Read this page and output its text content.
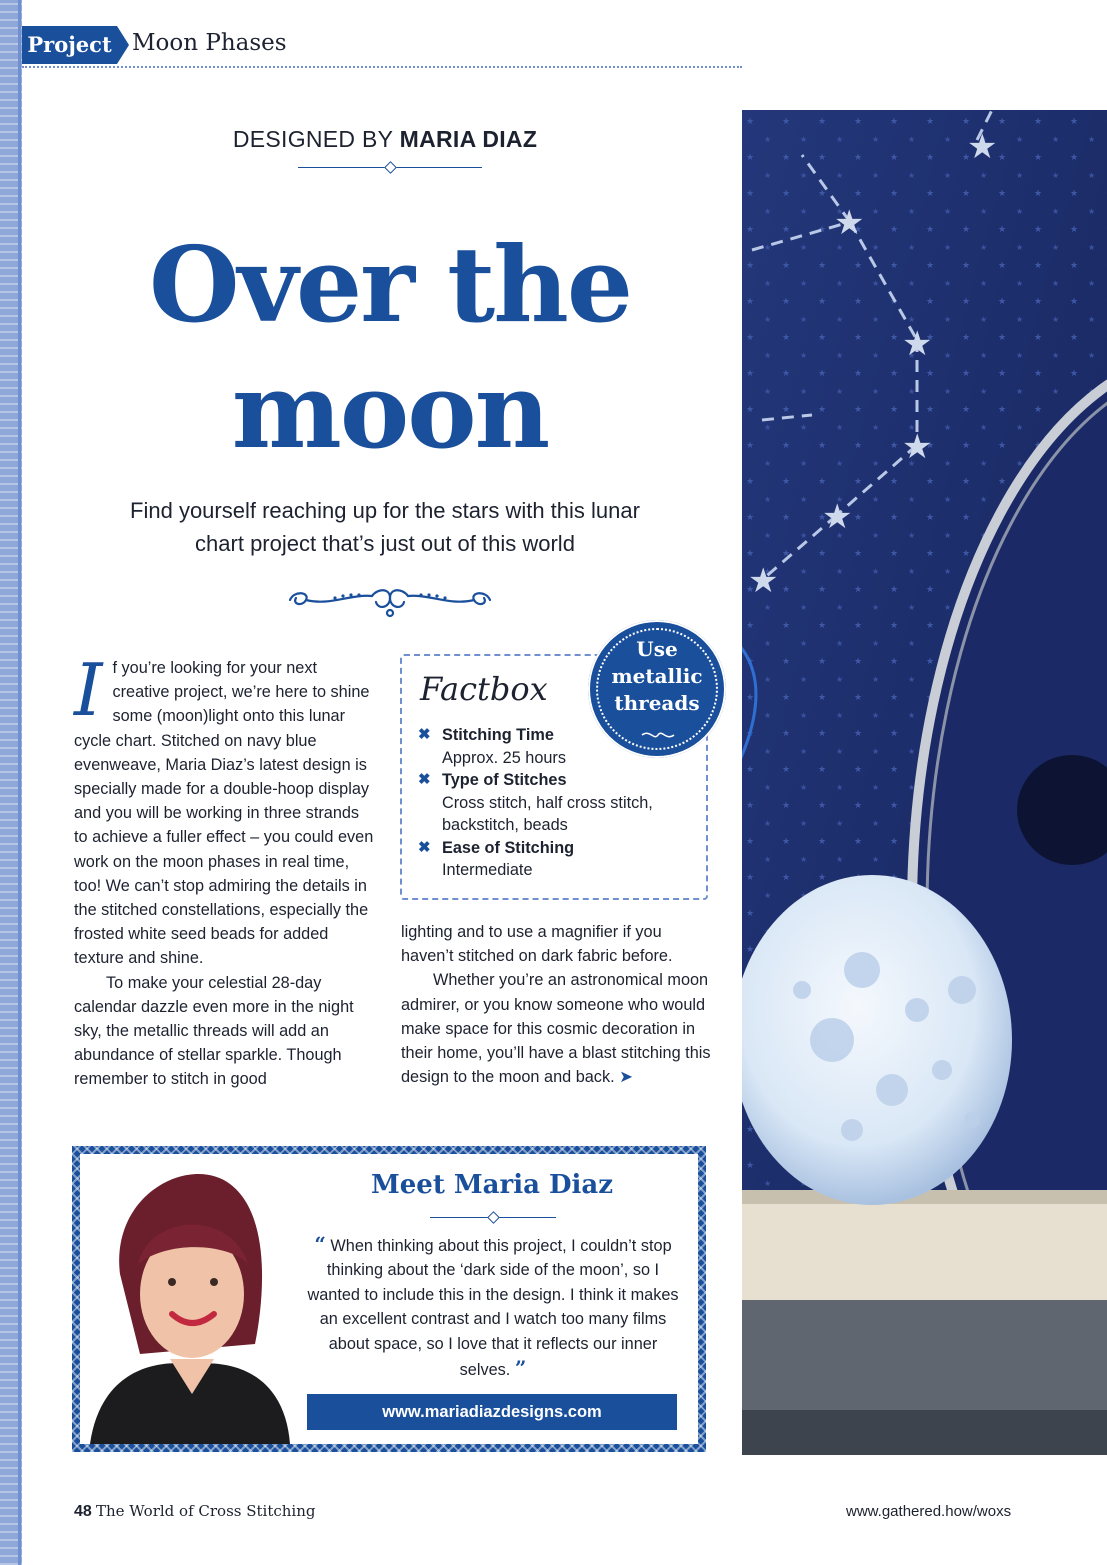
Project Moon Phases
DESIGNED BY MARIA DIAZ
Over the
moon
Find yourself reaching up for the stars with this lunar
chart project that’s just out of this world
I f you’re looking for your next creative project, we’re here to shine some (moon)light onto this lunar cycle chart. Stitched on navy blue evenweave, Maria Diaz’s latest design is specially made for a double-hoop display and you will be working in three strands to achieve a fuller effect – you could even work on the moon phases in real time, too! We can’t stop admiring the details in the stitched constellations, especially the frosted white seed beads for added texture and shine.

To make your celestial 28-day calendar dazzle even more in the night sky, the metallic threads will add an abundance of stellar sparkle. Though remember to stitch in good

Factbox
✖ Stitching Time
Approx. 25 hours
✖ Type of Stitches
Cross stitch, half cross stitch, backstitch, beads
✖ Ease of Stitching
Intermediate

lighting and to use a magnifier if you haven’t stitched on dark fabric before.

Whether you’re an astronomical moon admirer, or you know someone who would make space for this cosmic decoration in their home, you’ll have a blast stitching this design to the moon and back. ➤

★
★
★
★
★
★
Use
metallic
threads
Meet Maria Diaz
“ When thinking about this project, I couldn’t stop thinking about the ‘dark side of the moon’, so I wanted to include this in the design. I think it makes an excellent contrast and I watch too many films about space, so I love that it reflects our inner selves. ”
www.mariadiazdesigns.com
48 The World of Cross Stitching	www.gathered.how/woxs
